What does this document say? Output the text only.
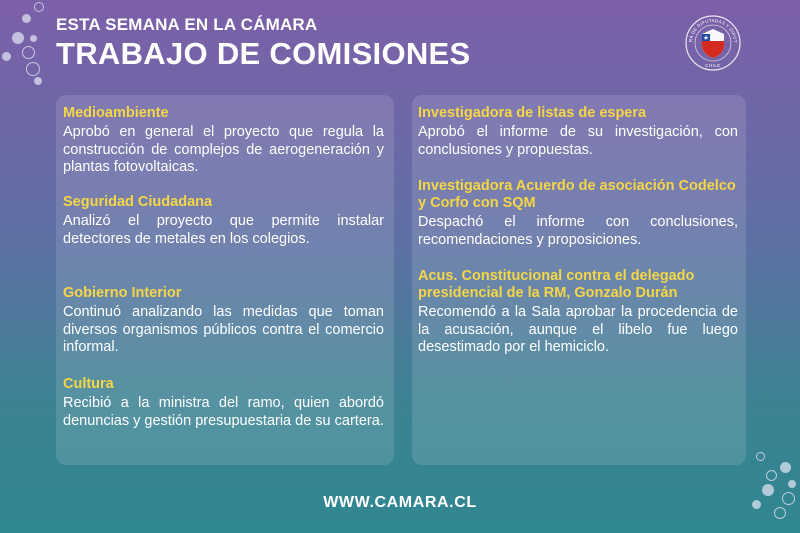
ESTA SEMANA EN LA CÁMARA
TRABAJO DE COMISIONES	RA DE DIPUTADAS Y DIPUT
CHILE
Medioambiente

Aprobó en general el proyecto que regula la construcción de complejos de aerogeneración y plantas fotovoltaicas.

Seguridad Ciudadana

Analizó el proyecto que permite instalar detectores de metales en los colegios.

Gobierno Interior

Continuó analizando las medidas que toman diversos organismos públicos contra el comercio informal.

Cultura

Recibió a la ministra del ramo, quien abordó denuncias y gestión presupuestaria de su cartera.

Investigadora de listas de espera

Aprobó el informe de su investigación, con conclusiones y propuestas.

Investigadora Acuerdo de asociación Codelco y Corfo con SQM

Despachó el informe con conclusiones, recomendaciones y proposiciones.

Acus. Constitucional contra el delegado presidencial de la RM, Gonzalo Durán

Recomendó a la Sala aprobar la procedencia de la acusación, aunque el libelo fue luego desestimado por el hemiciclo.

WWW.CAMARA.CL
